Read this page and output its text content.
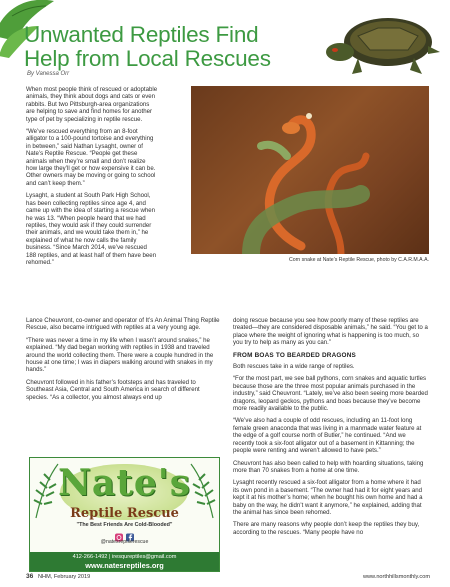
Unwanted Reptiles Find Help from Local Rescues
By Vanessa Orr

When most people think of rescued or adoptable animals, they think about dogs and cats or even rabbits. But two Pittsburgh-area organizations are helping to save and find homes for another type of pet by specializing in reptile rescue.

“We’ve rescued everything from an 8-foot alligator to a 100-pound tortoise and everything in between,” said Nathan Lysaght, owner of Nate’s Reptile Rescue. “People get these animals when they’re small and don’t realize how large they’ll get or how expensive it can be. Other owners may be moving or going to school and can’t keep them.”

Lysaght, a student at South Park High School, has been collecting reptiles since age 4, and came up with the idea of starting a rescue when he was 13. “When people heard that we had reptiles, they would ask if they could surrender their animals, and we would take them in,” he explained of what he now calls the family business. “Since March 2014, we’ve rescued 188 reptiles, and at least half of them have been rehomed.”	Corn snake at Nate’s Reptile Rescue, photo by C.A.R.M.A.A.

Lance Cheuvront, co-owner and operator of It’s An Animal Thing Reptile Rescue, also became intrigued with reptiles at a very young age.

“There was never a time in my life when I wasn’t around snakes,” he explained. “My dad began working with reptiles in 1938 and traveled around the world collecting them. There were a couple hundred in the house at one time; I was in diapers walking around with snakes in my hands.”

Cheuvront followed in his father’s footsteps and has traveled to Southeast Asia, Central and South America in search of different species. “As a collector, you almost always end up

doing rescue because you see how poorly many of these reptiles are treated—they are considered disposable animals,” he said. “You get to a place where the weight of ignoring what is happening is too much, so you try to help as many as you can.”

FROM BOAS TO BEARDED DRAGONS

Both rescues take in a wide range of reptiles.

“For the most part, we see ball pythons, corn snakes and aquatic turtles because those are the three most popular animals purchased in the industry,” said Cheuvront. “Lately, we’ve also been seeing more bearded dragons, leopard geckos, pythons and boas because they’ve become more readily available to the public.

“We’ve also had a couple of odd rescues, including an 11-foot long female green anaconda that was living in a manmade water feature at the edge of a golf course north of Butler,” he continued. “And we recently took a six-foot alligator out of a basement in Kittanning; the people were renting and weren’t allowed to have pets.”

Cheuvront has also been called to help with hoarding situations, taking more than 70 snakes from a home at one time.

Lysaght recently rescued a six-foot alligator from a home where it had its own pond in a basement. “The owner had had it for eight years and kept it at his mother’s home; when he bought his own home and had a baby on the way, he didn’t want it anymore,” he explained, adding that the animal has since been rehomed.

There are many reasons why people don’t keep the reptiles they buy, according to the rescues. “Many people have no

Nate's
Reptile Rescue
"The Best Friends Are Cold-Blooded"
@natesreptilerescue
412-266-1492 | iresqureptiles@gmail.com
www.natesreptiles.org
36 NHM, February 2019	www.northhillsmonthly.com
